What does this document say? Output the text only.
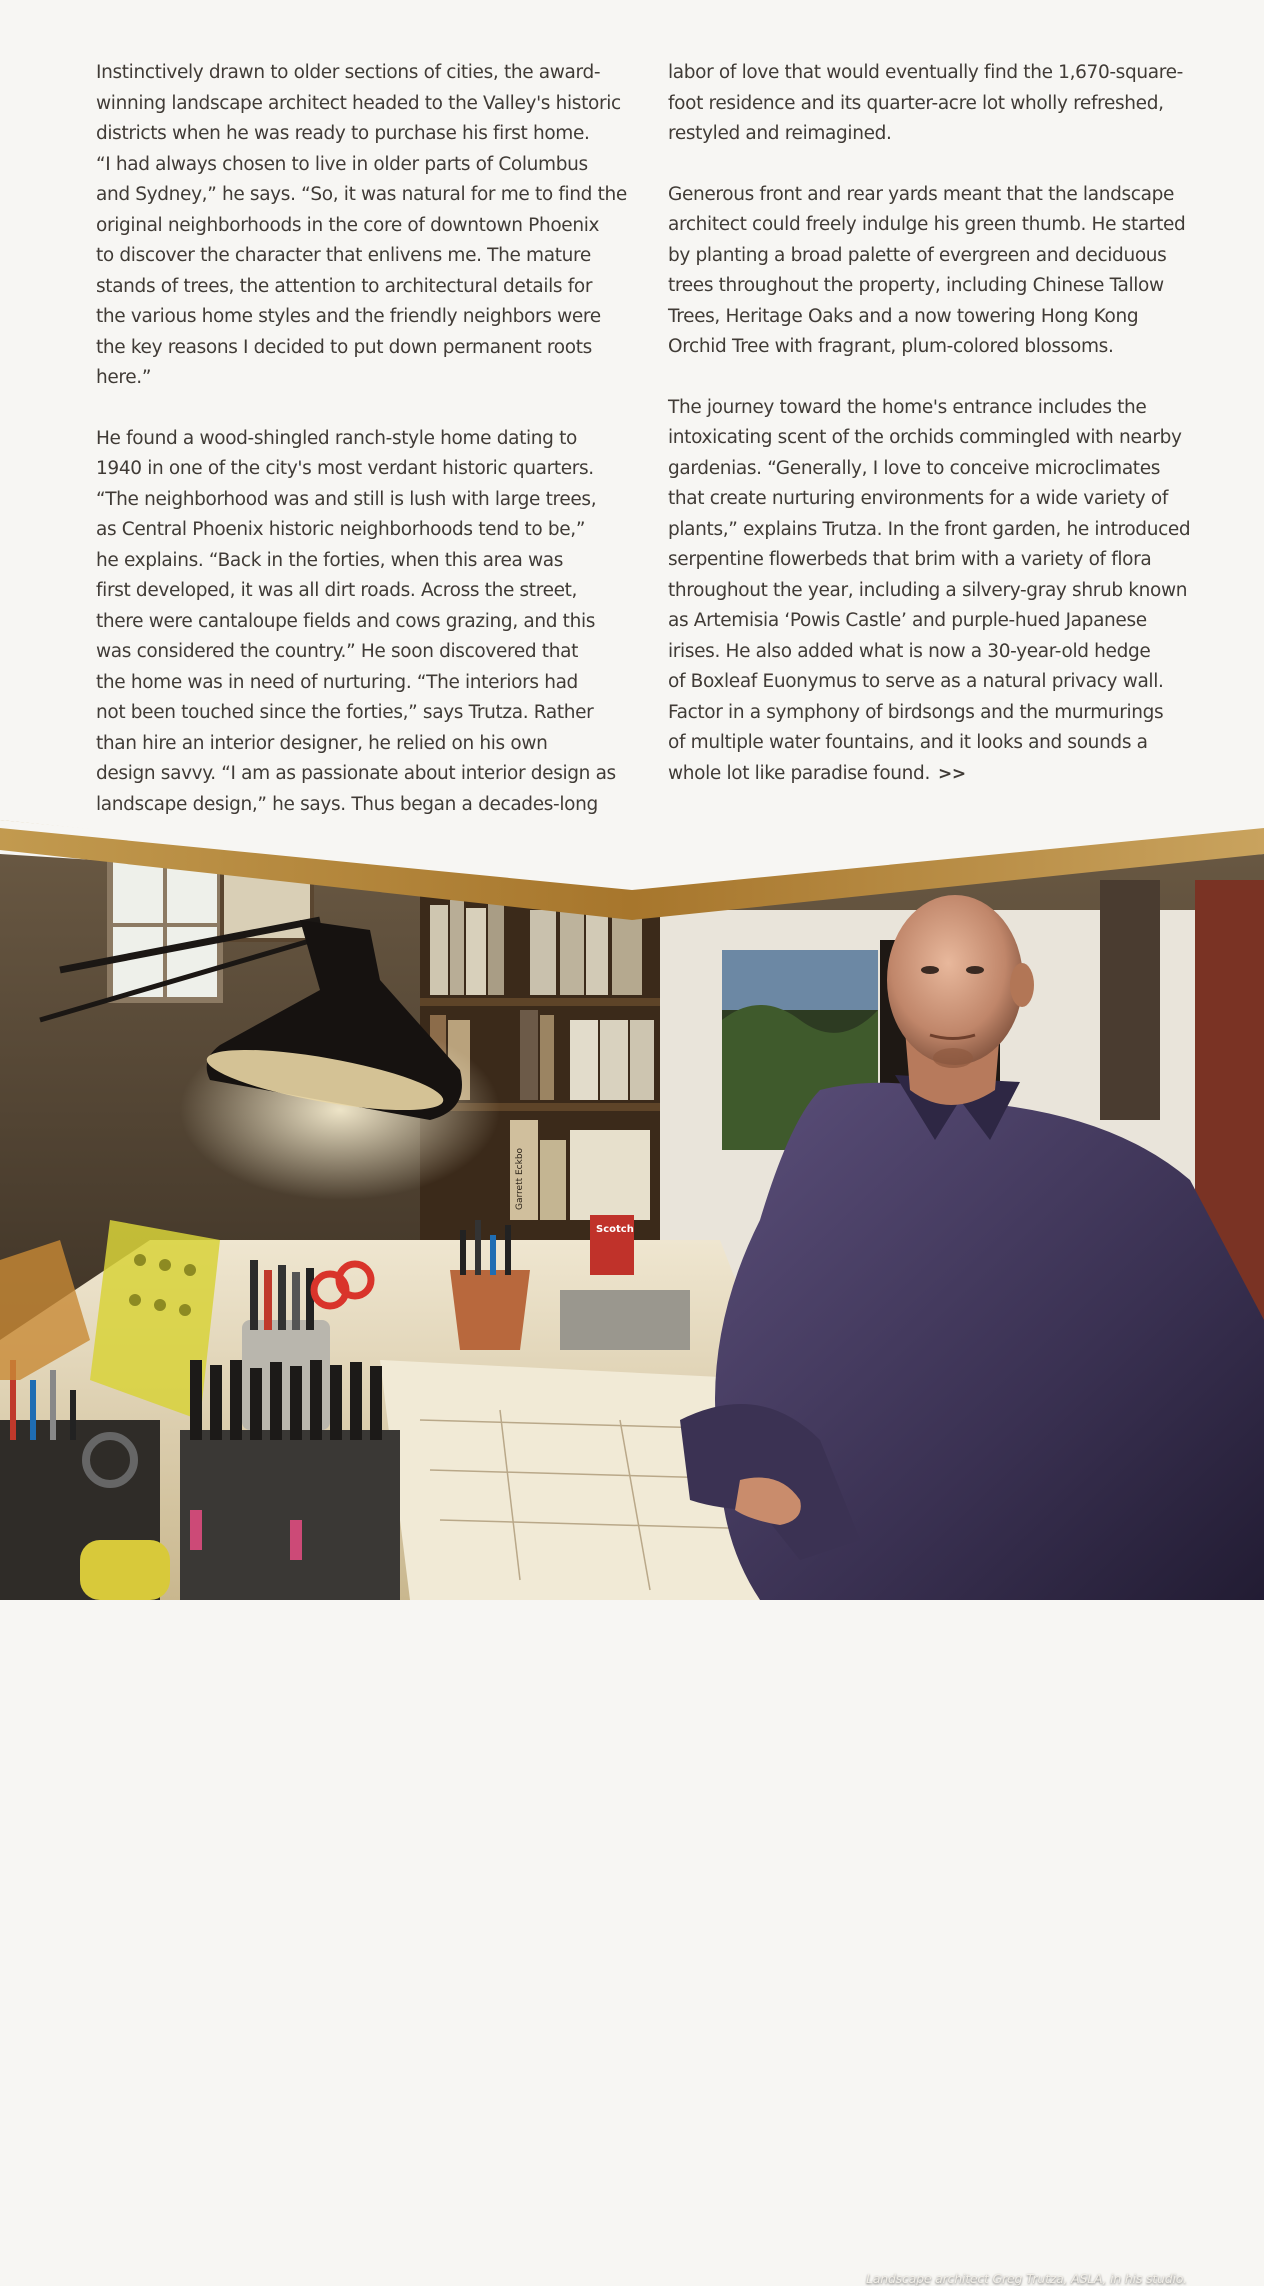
Instinctively drawn to older sections of cities, the award-
winning landscape architect headed to the Valley's historic
districts when he was ready to purchase his first home.
“I had always chosen to live in older parts of Columbus
and Sydney,” he says. “So, it was natural for me to find the
original neighborhoods in the core of downtown Phoenix
to discover the character that enlivens me. The mature
stands of trees, the attention to architectural details for
the various home styles and the friendly neighbors were
the key reasons I decided to put down permanent roots
here.”

He found a wood-shingled ranch-style home dating to
1940 in one of the city's most verdant historic quarters.
“The neighborhood was and still is lush with large trees,
as Central Phoenix historic neighborhoods tend to be,”
he explains. “Back in the forties, when this area was
first developed, it was all dirt roads. Across the street,
there were cantaloupe fields and cows grazing, and this
was considered the country.” He soon discovered that
the home was in need of nurturing. “The interiors had
not been touched since the forties,” says Trutza. Rather
than hire an interior designer, he relied on his own
design savvy. “I am as passionate about interior design as
landscape design,” he says. Thus began a decades-long

labor of love that would eventually find the 1,670-square-
foot residence and its quarter-acre lot wholly refreshed,
restyled and reimagined.

Generous front and rear yards meant that the landscape
architect could freely indulge his green thumb. He started
by planting a broad palette of evergreen and deciduous
trees throughout the property, including Chinese Tallow
Trees, Heritage Oaks and a now towering Hong Kong
Orchid Tree with fragrant, plum-colored blossoms.

The journey toward the home's entrance includes the
intoxicating scent of the orchids commingled with nearby
gardenias. “Generally, I love to conceive microclimates
that create nurturing environments for a wide variety of
plants,” explains Trutza. In the front garden, he introduced
serpentine flowerbeds that brim with a variety of flora
throughout the year, including a silvery-gray shrub known
as Artemisia ‘Powis Castle’ and purple-hued Japanese
irises. He also added what is now a 30-year-old hedge
of Boxleaf Euonymus to serve as a natural privacy wall.
Factor in a symphony of birdsongs and the murmurings
of multiple water fountains, and it looks and sounds a
whole lot like paradise found. >>

Garrett Eckbo
Scotch
Landscape architect Greg Trutza, ASLA, in his studio.
